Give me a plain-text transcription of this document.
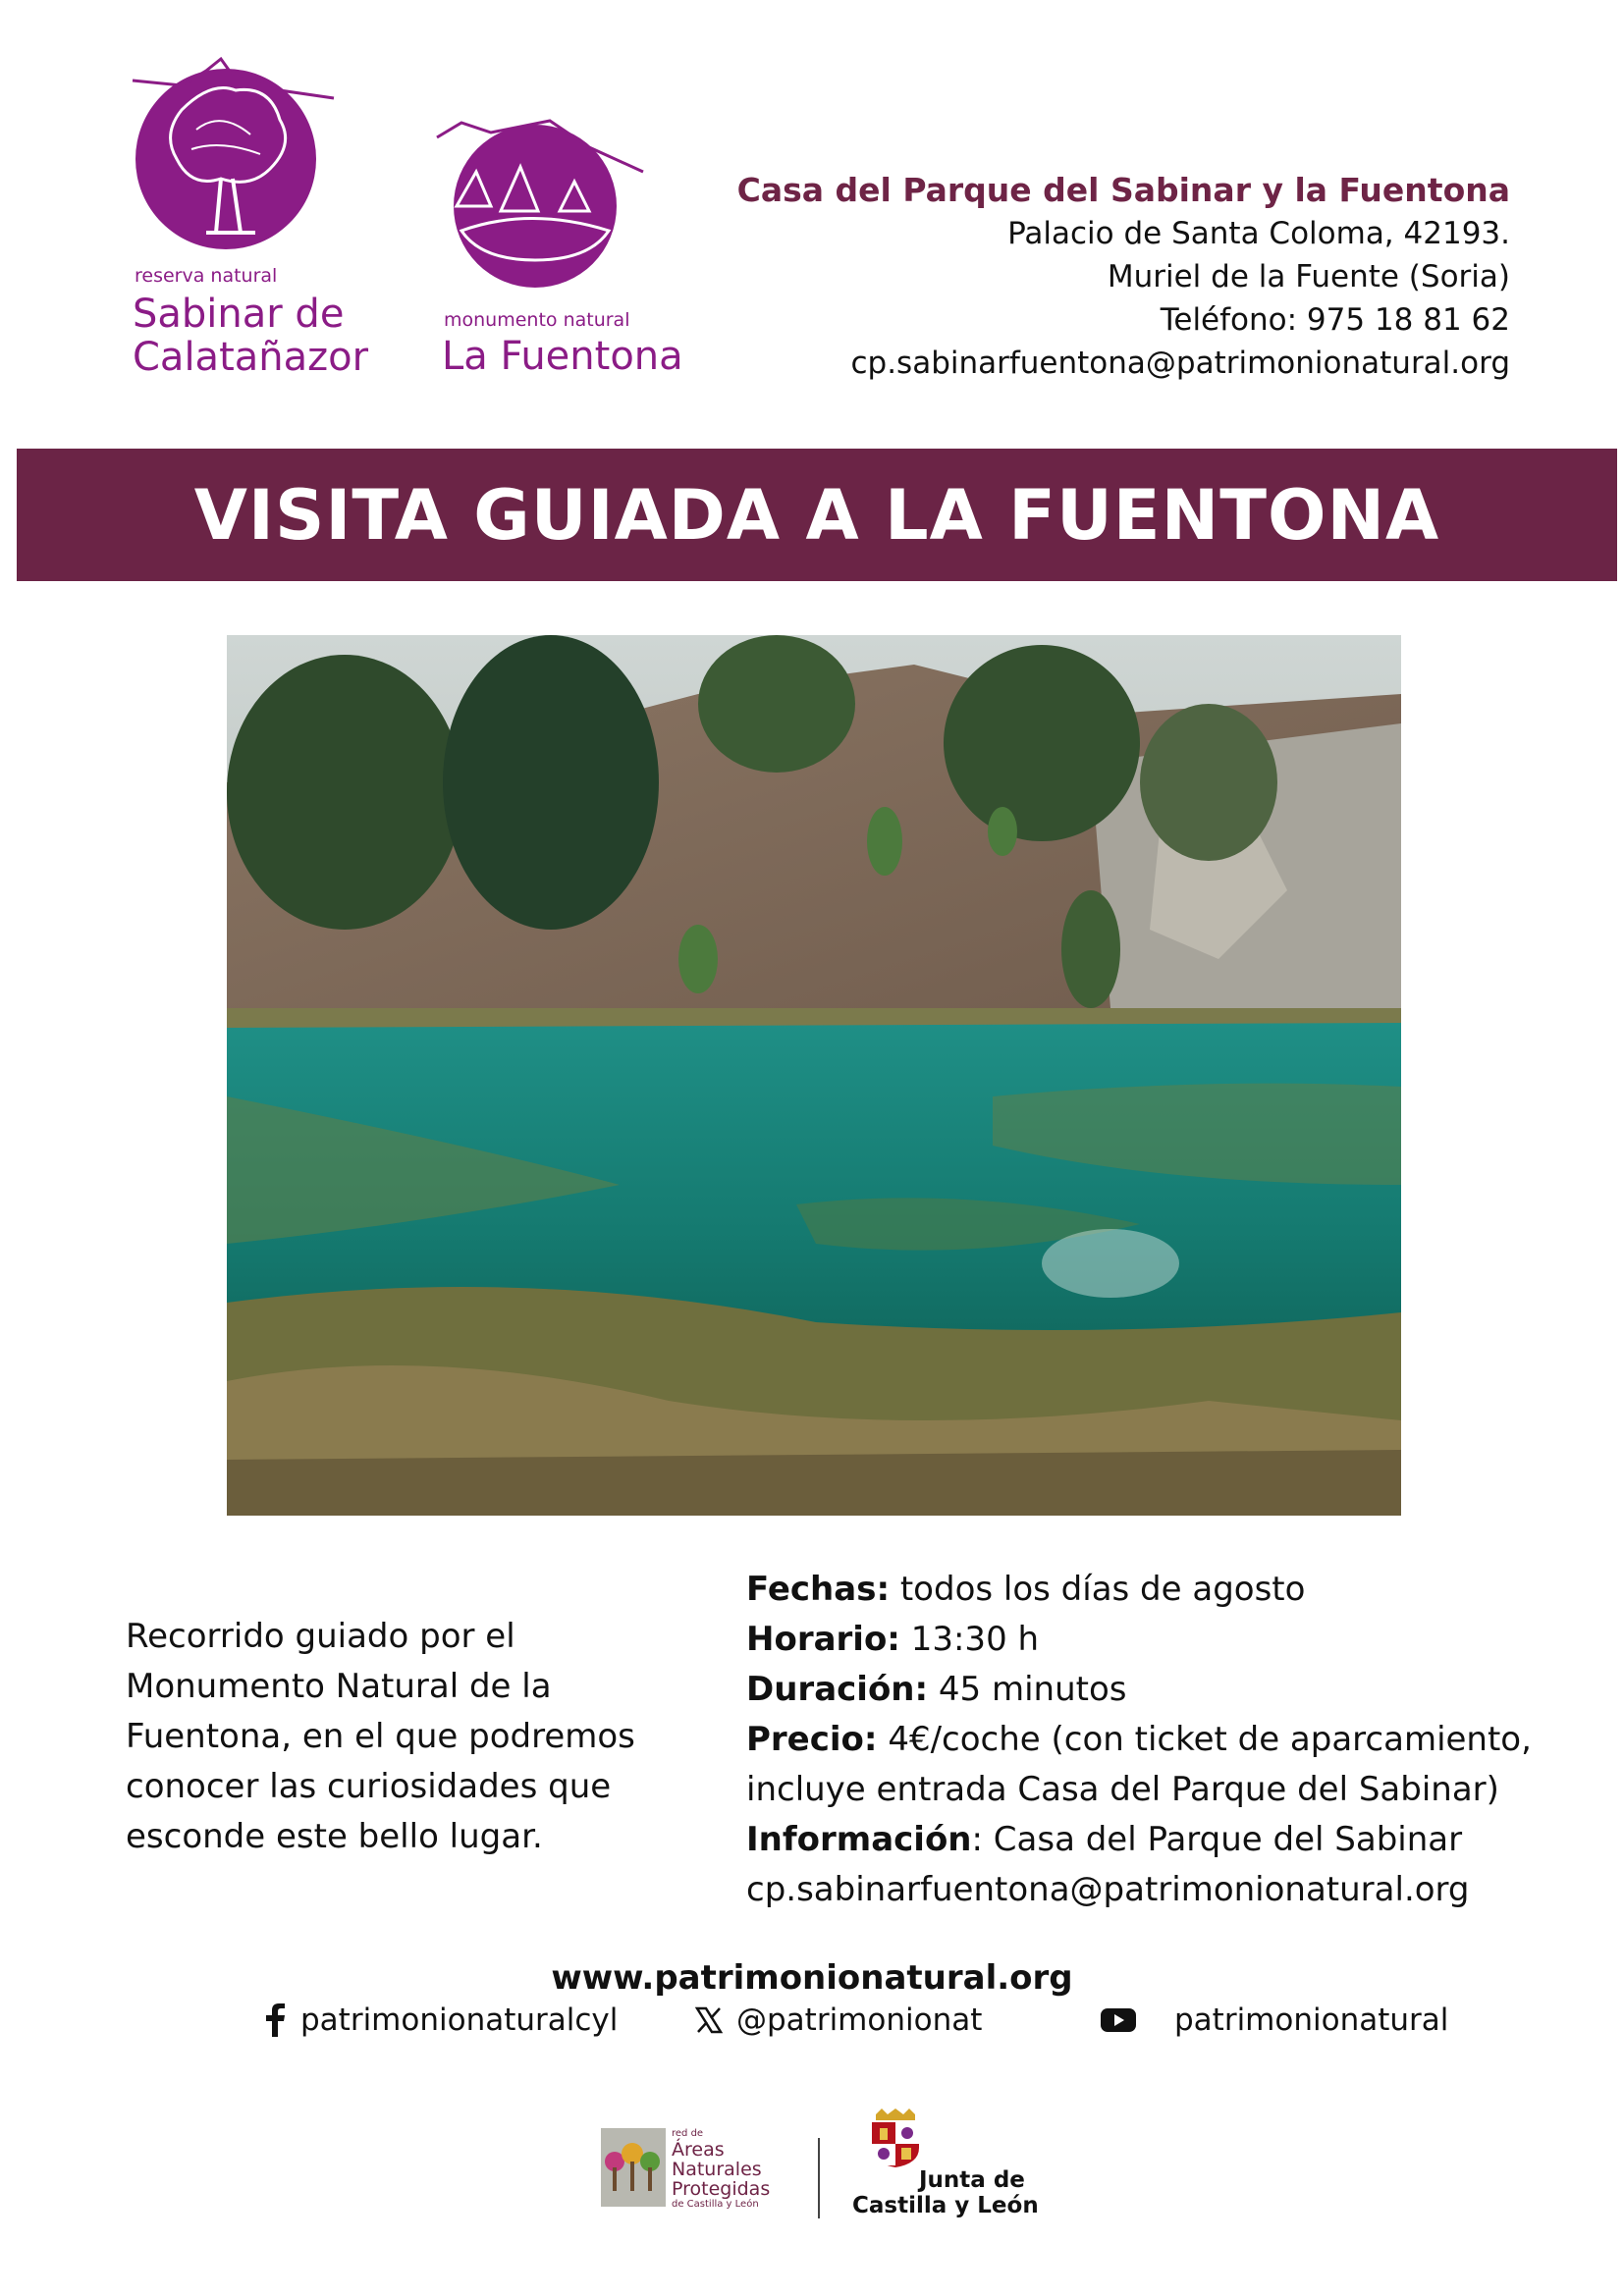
reserva natural
Sabinar de
Calatañazor
monumento natural
La Fuentona
Casa del Parque del Sabinar y la Fuentona
Palacio de Santa Coloma, 42193.
Muriel de la Fuente (Soria)
Teléfono: 975 18 81 62
cp.sabinarfuentona@patrimonionatural.org
VISITA GUIADA A LA FUENTONA
Recorrido guiado por el Monumento Natural de la Fuentona, en el que podremos conocer las curiosidades que esconde este bello lugar.
Fechas: todos los días de agosto
Horario: 13:30 h
Duración: 45 minutos
Precio: 4€/coche (con ticket de aparcamiento,
incluye entrada Casa del Parque del Sabinar)
Información: Casa del Parque del Sabinar
cp.sabinarfuentona@patrimonionatural.org
www.patrimonionatural.org
patrimonionaturalcyl	@patrimonionat	patrimonionatural
red de
Áreas
Naturales
Protegidas
de Castilla y León
Junta de
Castilla y León
